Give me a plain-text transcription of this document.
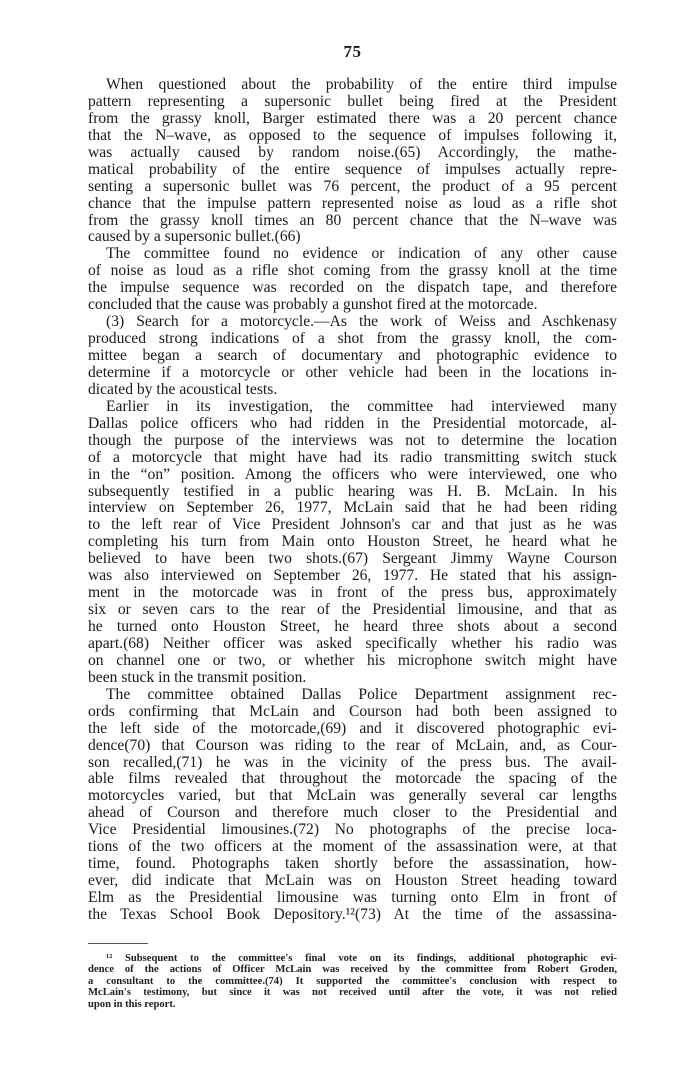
75
When questioned about the probability of the entire third impulse
pattern representing a supersonic bullet being fired at the President
from the grassy knoll, Barger estimated there was a 20 percent chance
that the N–wave, as opposed to the sequence of impulses following it,
was actually caused by random noise.(65) Accordingly, the mathe-
matical probability of the entire sequence of impulses actually repre-
senting a supersonic bullet was 76 percent, the product of a 95 percent
chance that the impulse pattern represented noise as loud as a rifle shot
from the grassy knoll times an 80 percent chance that the N–wave was
caused by a supersonic bullet.(66)
The committee found no evidence or indication of any other cause
of noise as loud as a rifle shot coming from the grassy knoll at the time
the impulse sequence was recorded on the dispatch tape, and therefore
concluded that the cause was probably a gunshot fired at the motorcade.
(3) Search for a motorcycle.—As the work of Weiss and Aschkenasy
produced strong indications of a shot from the grassy knoll, the com-
mittee began a search of documentary and photographic evidence to
determine if a motorcycle or other vehicle had been in the locations in-
dicated by the acoustical tests.
Earlier in its investigation, the committee had interviewed many
Dallas police officers who had ridden in the Presidential motorcade, al-
though the purpose of the interviews was not to determine the location
of a motorcycle that might have had its radio transmitting switch stuck
in the “on” position. Among the officers who were interviewed, one who
subsequently testified in a public hearing was H. B. McLain. In his
interview on September 26, 1977, McLain said that he had been riding
to the left rear of Vice President Johnson's car and that just as he was
completing his turn from Main onto Houston Street, he heard what he
believed to have been two shots.(67) Sergeant Jimmy Wayne Courson
was also interviewed on September 26, 1977. He stated that his assign-
ment in the motorcade was in front of the press bus, approximately
six or seven cars to the rear of the Presidential limousine, and that as
he turned onto Houston Street, he heard three shots about a second
apart.(68) Neither officer was asked specifically whether his radio was
on channel one or two, or whether his microphone switch might have
been stuck in the transmit position.
The committee obtained Dallas Police Department assignment rec-
ords confirming that McLain and Courson had both been assigned to
the left side of the motorcade,(69) and it discovered photographic evi-
dence(70) that Courson was riding to the rear of McLain, and, as Cour-
son recalled,(71) he was in the vicinity of the press bus. The avail-
able films revealed that throughout the motorcade the spacing of the
motorcycles varied, but that McLain was generally several car lengths
ahead of Courson and therefore much closer to the Presidential and
Vice Presidential limousines.(72) No photographs of the precise loca-
tions of the two officers at the moment of the assassination were, at that
time, found. Photographs taken shortly before the assassination, how-
ever, did indicate that McLain was on Houston Street heading toward
Elm as the Presidential limousine was turning onto Elm in front of
the Texas School Book Depository.¹²(73) At the time of the assassina-
¹² Subsequent to the committee's final vote on its findings, additional photographic evi-
dence of the actions of Officer McLain was received by the committee from Robert Groden,
a consultant to the committee.(74) It supported the committee's conclusion with respect to
McLain's testimony, but since it was not received until after the vote, it was not relied
upon in this report.
